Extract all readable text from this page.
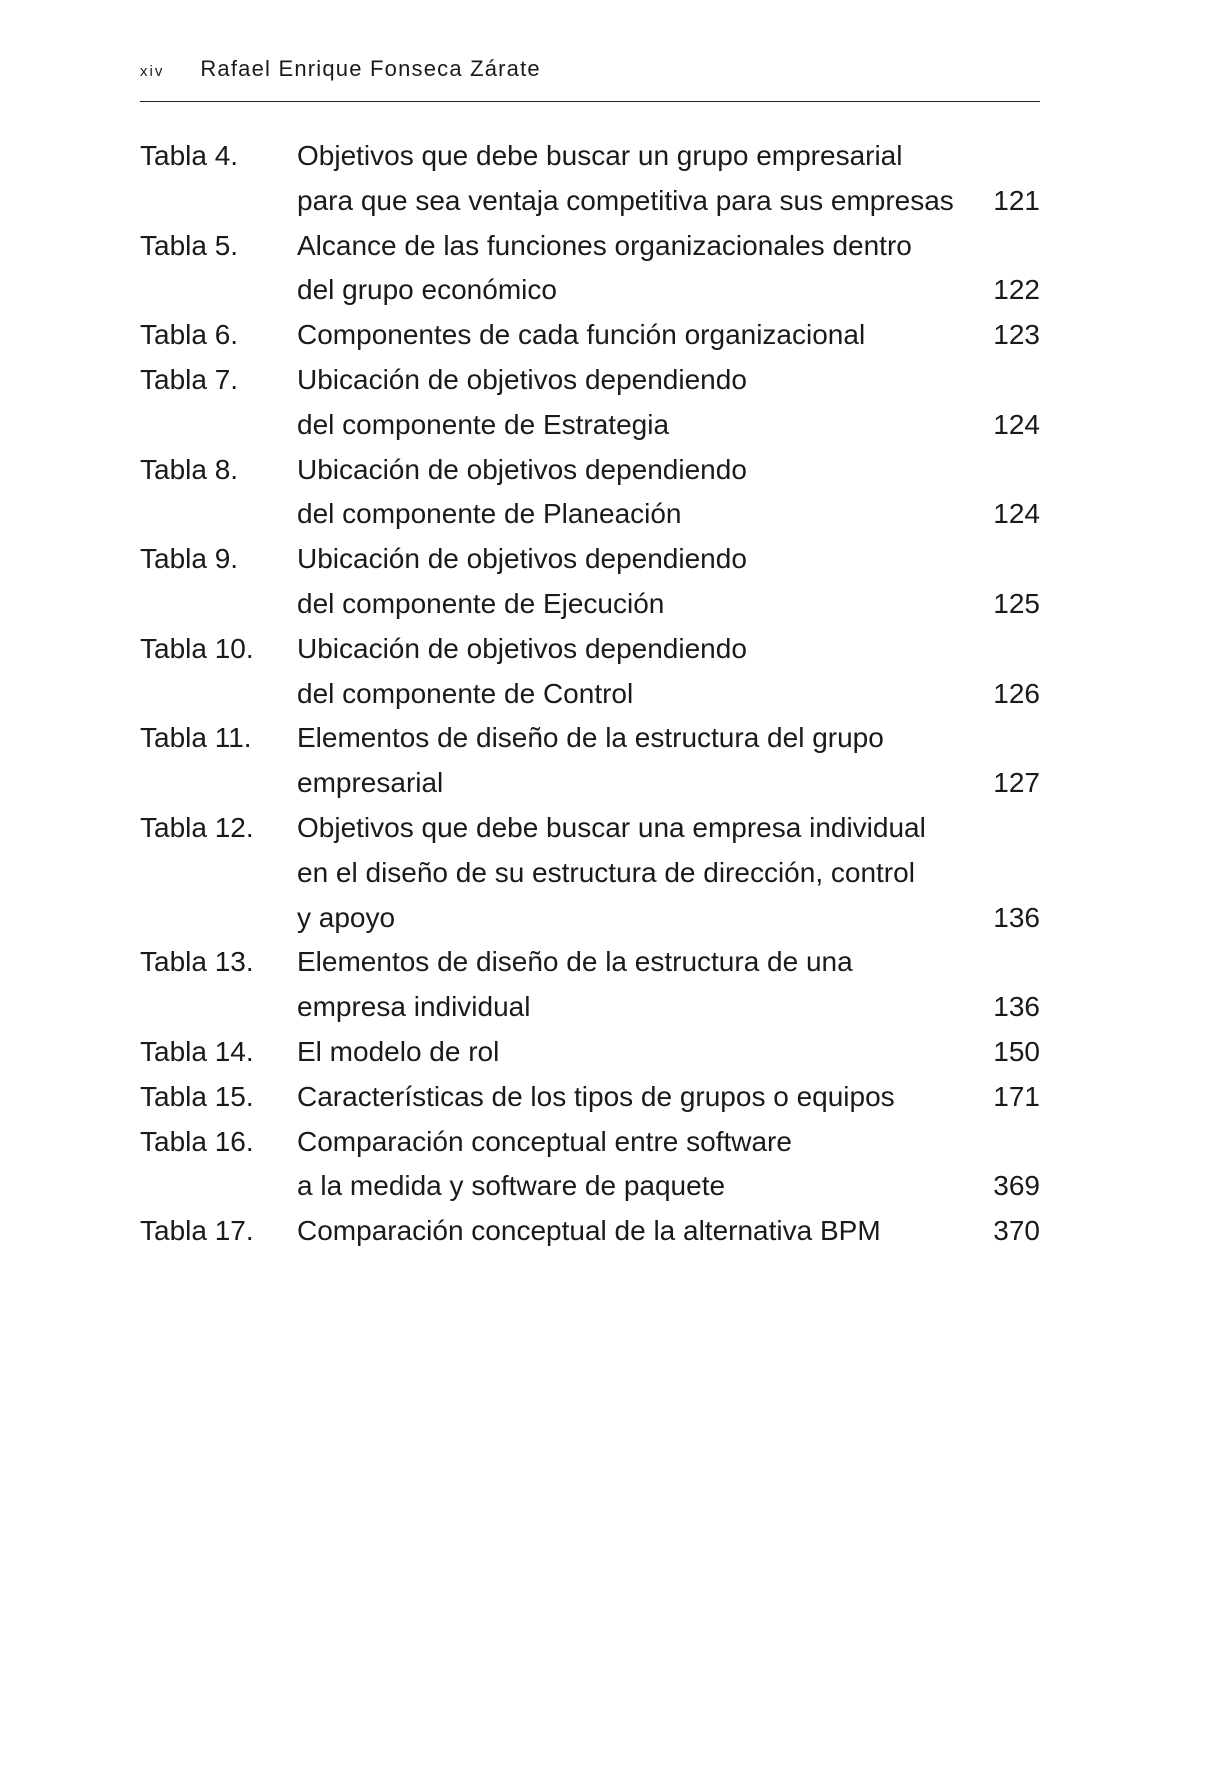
xiv Rafael Enrique Fonseca Zárate
Tabla 4.	Objetivos que debe buscar un grupo empresarial
para que sea ventaja competitiva para sus empresas	121
Tabla 5.	Alcance de las funciones organizacionales dentro
del grupo económico	122
Tabla 6.	Componentes de cada función organizacional	123
Tabla 7.	Ubicación de objetivos dependiendo
del componente de Estrategia	124
Tabla 8.	Ubicación de objetivos dependiendo
del componente de Planeación	124
Tabla 9.	Ubicación de objetivos dependiendo
del componente de Ejecución	125
Tabla 10.	Ubicación de objetivos dependiendo
del componente de Control	126
Tabla 11.	Elementos de diseño de la estructura del grupo
empresarial	127
Tabla 12.	Objetivos que debe buscar una empresa individual
en el diseño de su estructura de dirección, control
y apoyo	136
Tabla 13.	Elementos de diseño de la estructura de una
empresa individual	136
Tabla 14.	El modelo de rol	150
Tabla 15.	Características de los tipos de grupos o equipos	171
Tabla 16.	Comparación conceptual entre software
a la medida y software de paquete	369
Tabla 17.	Comparación conceptual de la alternativa BPM	370
